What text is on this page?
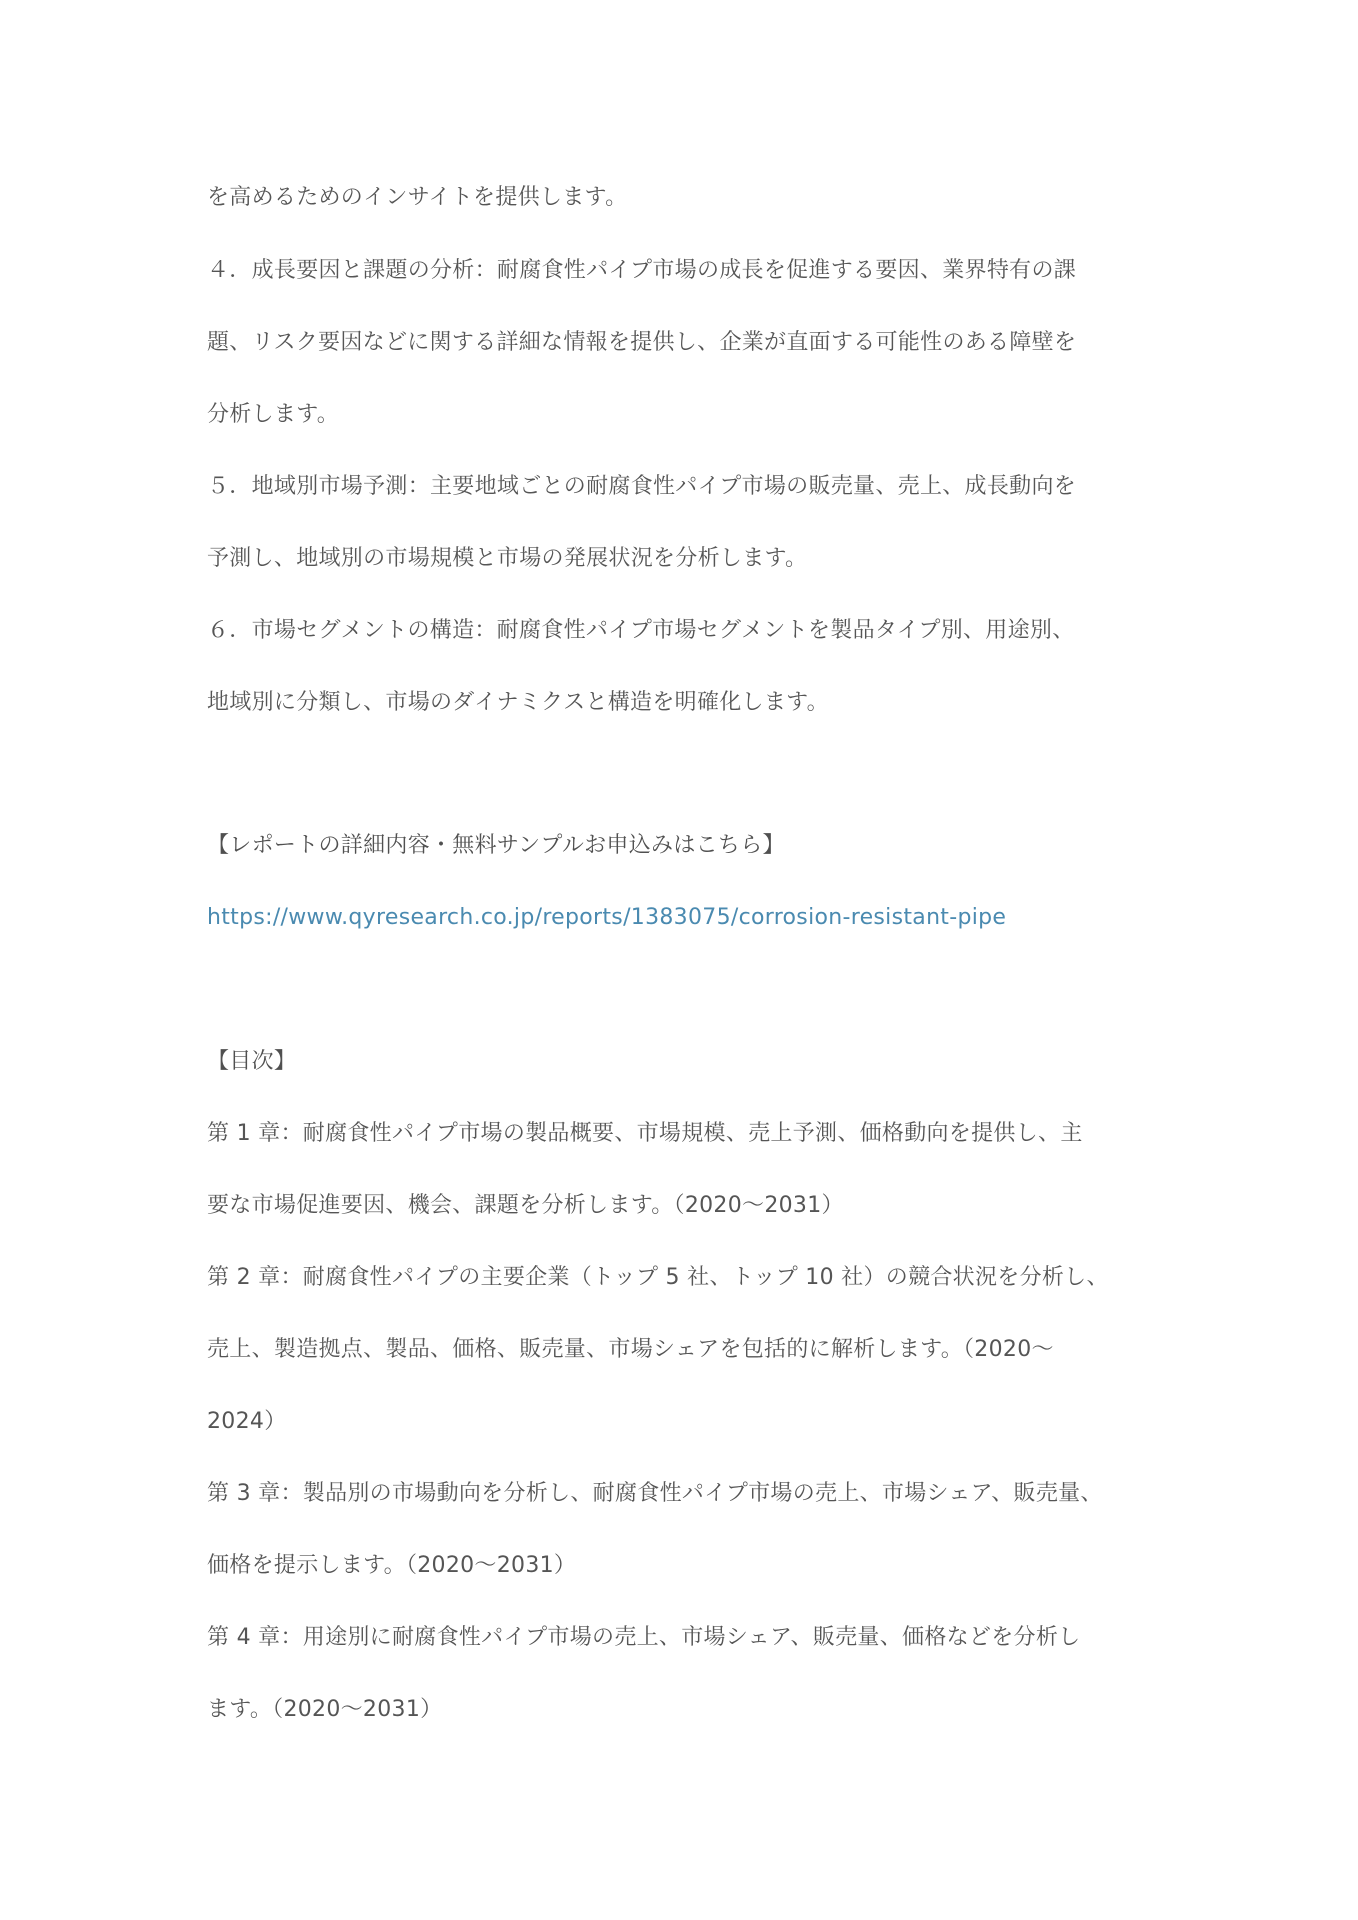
を高めるためのインサイトを提供します。
４．成長要因と課題の分析：耐腐食性パイプ市場の成長を促進する要因、業界特有の課
題、リスク要因などに関する詳細な情報を提供し、企業が直面する可能性のある障壁を
分析します。
５．地域別市場予測：主要地域ごとの耐腐食性パイプ市場の販売量、売上、成長動向を
予測し、地域別の市場規模と市場の発展状況を分析します。
６．市場セグメントの構造：耐腐食性パイプ市場セグメントを製品タイプ別、用途別、
地域別に分類し、市場のダイナミクスと構造を明確化します。
【レポートの詳細内容・無料サンプルお申込みはこちら】
https://www.qyresearch.co.jp/reports/1383075/corrosion-resistant-pipe
【目次】
第 1 章：耐腐食性パイプ市場の製品概要、市場規模、売上予測、価格動向を提供し、主
要な市場促進要因、機会、課題を分析します。（2020～2031）
第 2 章：耐腐食性パイプの主要企業（トップ 5 社、トップ 10 社）の競合状況を分析し、
売上、製造拠点、製品、価格、販売量、市場シェアを包括的に解析します。（2020～
2024）
第 3 章：製品別の市場動向を分析し、耐腐食性パイプ市場の売上、市場シェア、販売量、
価格を提示します。（2020～2031）
第 4 章：用途別に耐腐食性パイプ市場の売上、市場シェア、販売量、価格などを分析し
ます。（2020～2031）
